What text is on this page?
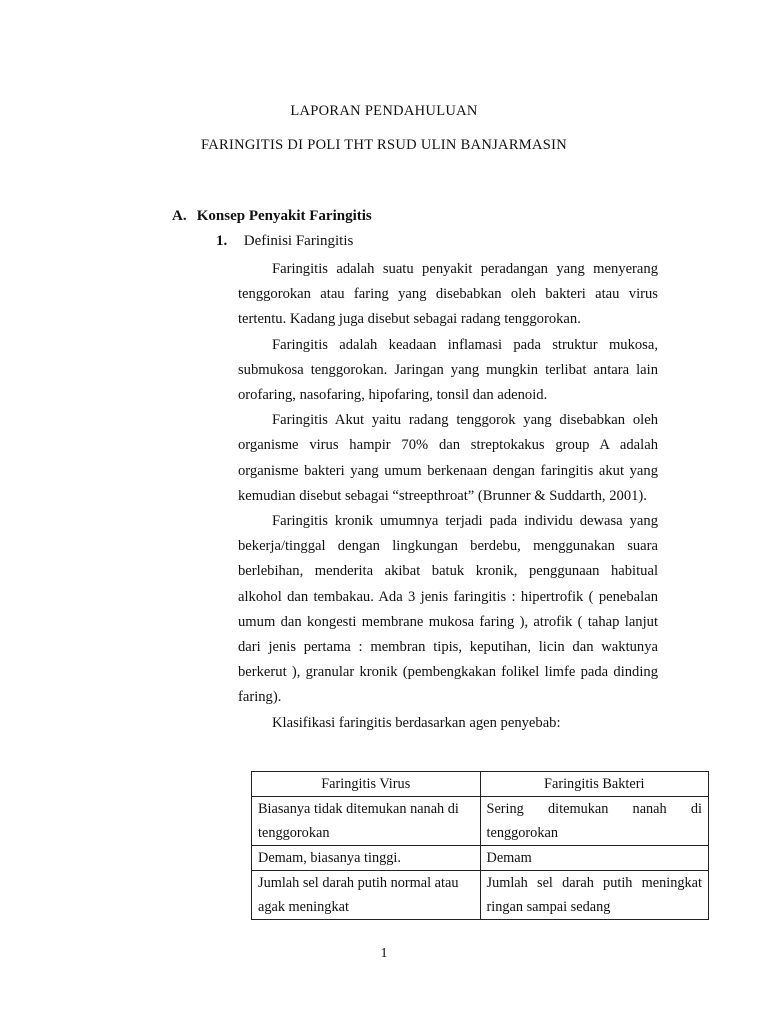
LAPORAN PENDAHULUAN
FARINGITIS DI POLI THT RSUD ULIN BANJARMASIN
A. Konsep Penyakit Faringitis
1. Definisi Faringitis

Faringitis adalah suatu penyakit peradangan yang menyerang tenggorokan atau faring yang disebabkan oleh bakteri atau virus tertentu. Kadang juga disebut sebagai radang tenggorokan.

Faringitis adalah keadaan inflamasi pada struktur mukosa, submukosa tenggorokan. Jaringan yang mungkin terlibat antara lain orofaring, nasofaring, hipofaring, tonsil dan adenoid.

Faringitis Akut yaitu radang tenggorok yang disebabkan oleh organisme virus hampir 70% dan streptokakus group A adalah organisme bakteri yang umum berkenaan dengan faringitis akut yang kemudian disebut sebagai “streepthroat” (Brunner & Suddarth, 2001).

Faringitis kronik umumnya terjadi pada individu dewasa yang bekerja/tinggal dengan lingkungan berdebu, menggunakan suara berlebihan, menderita akibat batuk kronik, penggunaan habitual alkohol dan tembakau. Ada 3 jenis faringitis : hipertrofik ( penebalan umum dan kongesti membrane mukosa faring ), atrofik ( tahap lanjut dari jenis pertama : membran tipis, keputihan, licin dan waktunya berkerut ), granular kronik (pembengkakan folikel limfe pada dinding faring).

Klasifikasi faringitis berdasarkan agen penyebab:

Faringitis Virus	Faringitis Bakteri
Biasanya tidak ditemukan nanah di tenggorokan	Sering ditemukan nanah di tenggorokan
Demam, biasanya tinggi.	Demam
Jumlah sel darah putih normal atau agak meningkat	Jumlah sel darah putih meningkat ringan sampai sedang
1
